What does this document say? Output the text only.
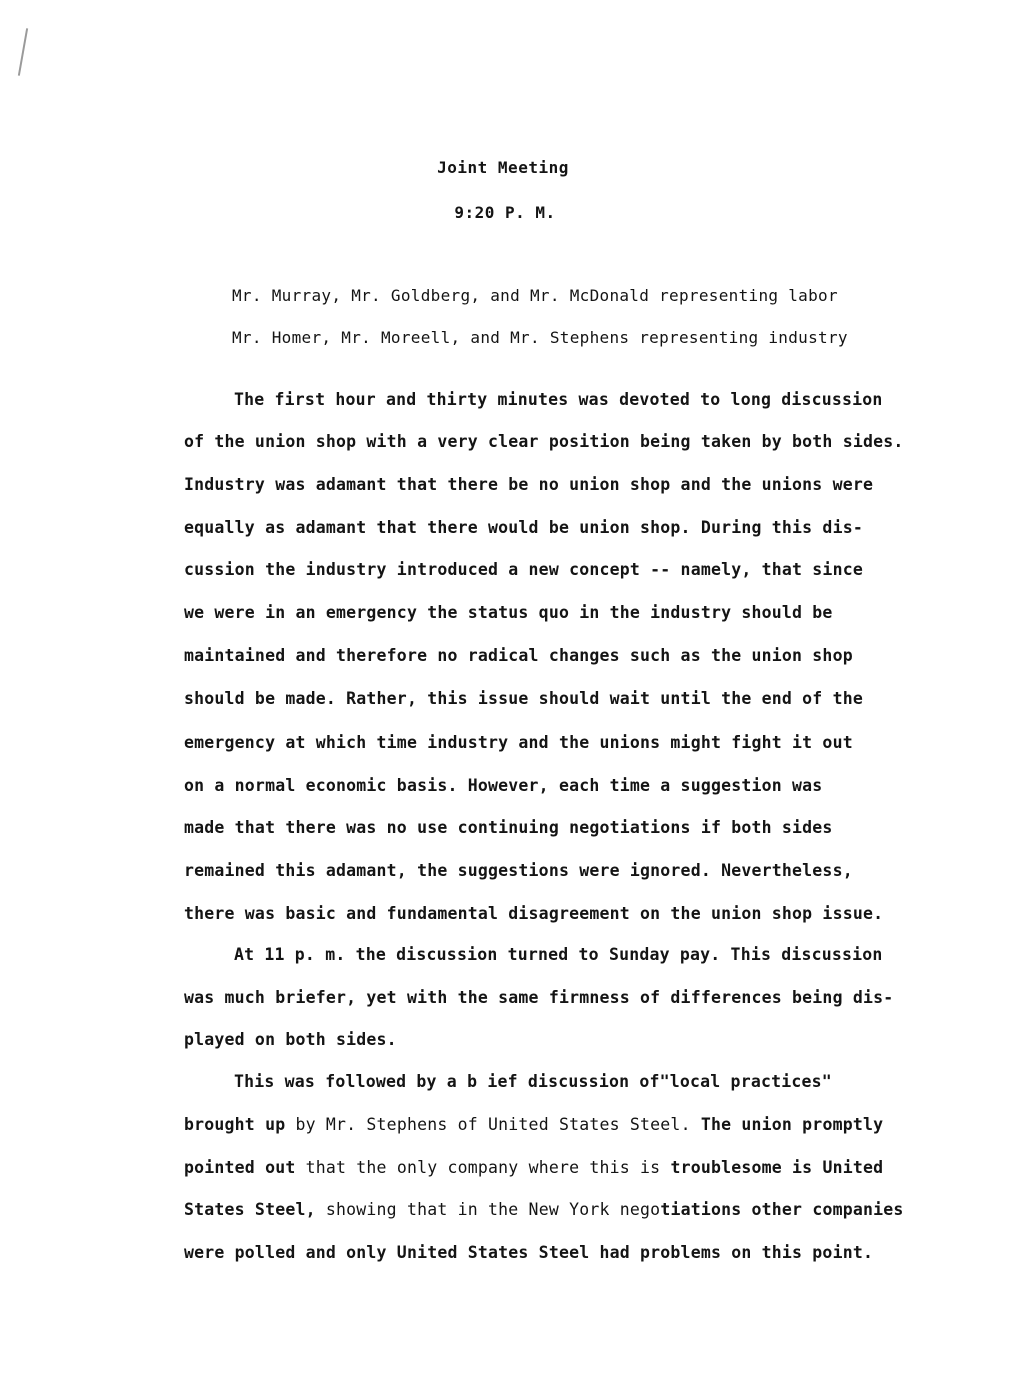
Joint Meeting
9:20 P. M.
Mr. Murray, Mr. Goldberg, and Mr. McDonald representing labor
Mr. Homer, Mr. Moreell, and Mr. Stephens representing industry
The first hour and thirty minutes was devoted to long discussion
of the union shop with a very clear position being taken by both sides.
Industry was adamant that there be no union shop and the unions were
equally as adamant that there would be union shop. During this dis-
cussion the industry introduced a new concept -- namely, that since
we were in an emergency the status quo in the industry should be
maintained and therefore no radical changes such as the union shop
should be made. Rather, this issue should wait until the end of the
emergency at which time industry and the unions might fight it out
on a normal economic basis. However, each time a suggestion was
made that there was no use continuing negotiations if both sides
remained this adamant, the suggestions were ignored. Nevertheless,
there was basic and fundamental disagreement on the union shop issue.
At 11 p. m. the discussion turned to Sunday pay. This discussion
was much briefer, yet with the same firmness of differences being dis-
played on both sides.
This was followed by a b ief discussion of"local practices"
brought up by Mr. Stephens of United States Steel. The union promptly
pointed out that the only company where this is troublesome is United
States Steel, showing that in the New York negotiations other companies
were polled and only United States Steel had problems on this point.
